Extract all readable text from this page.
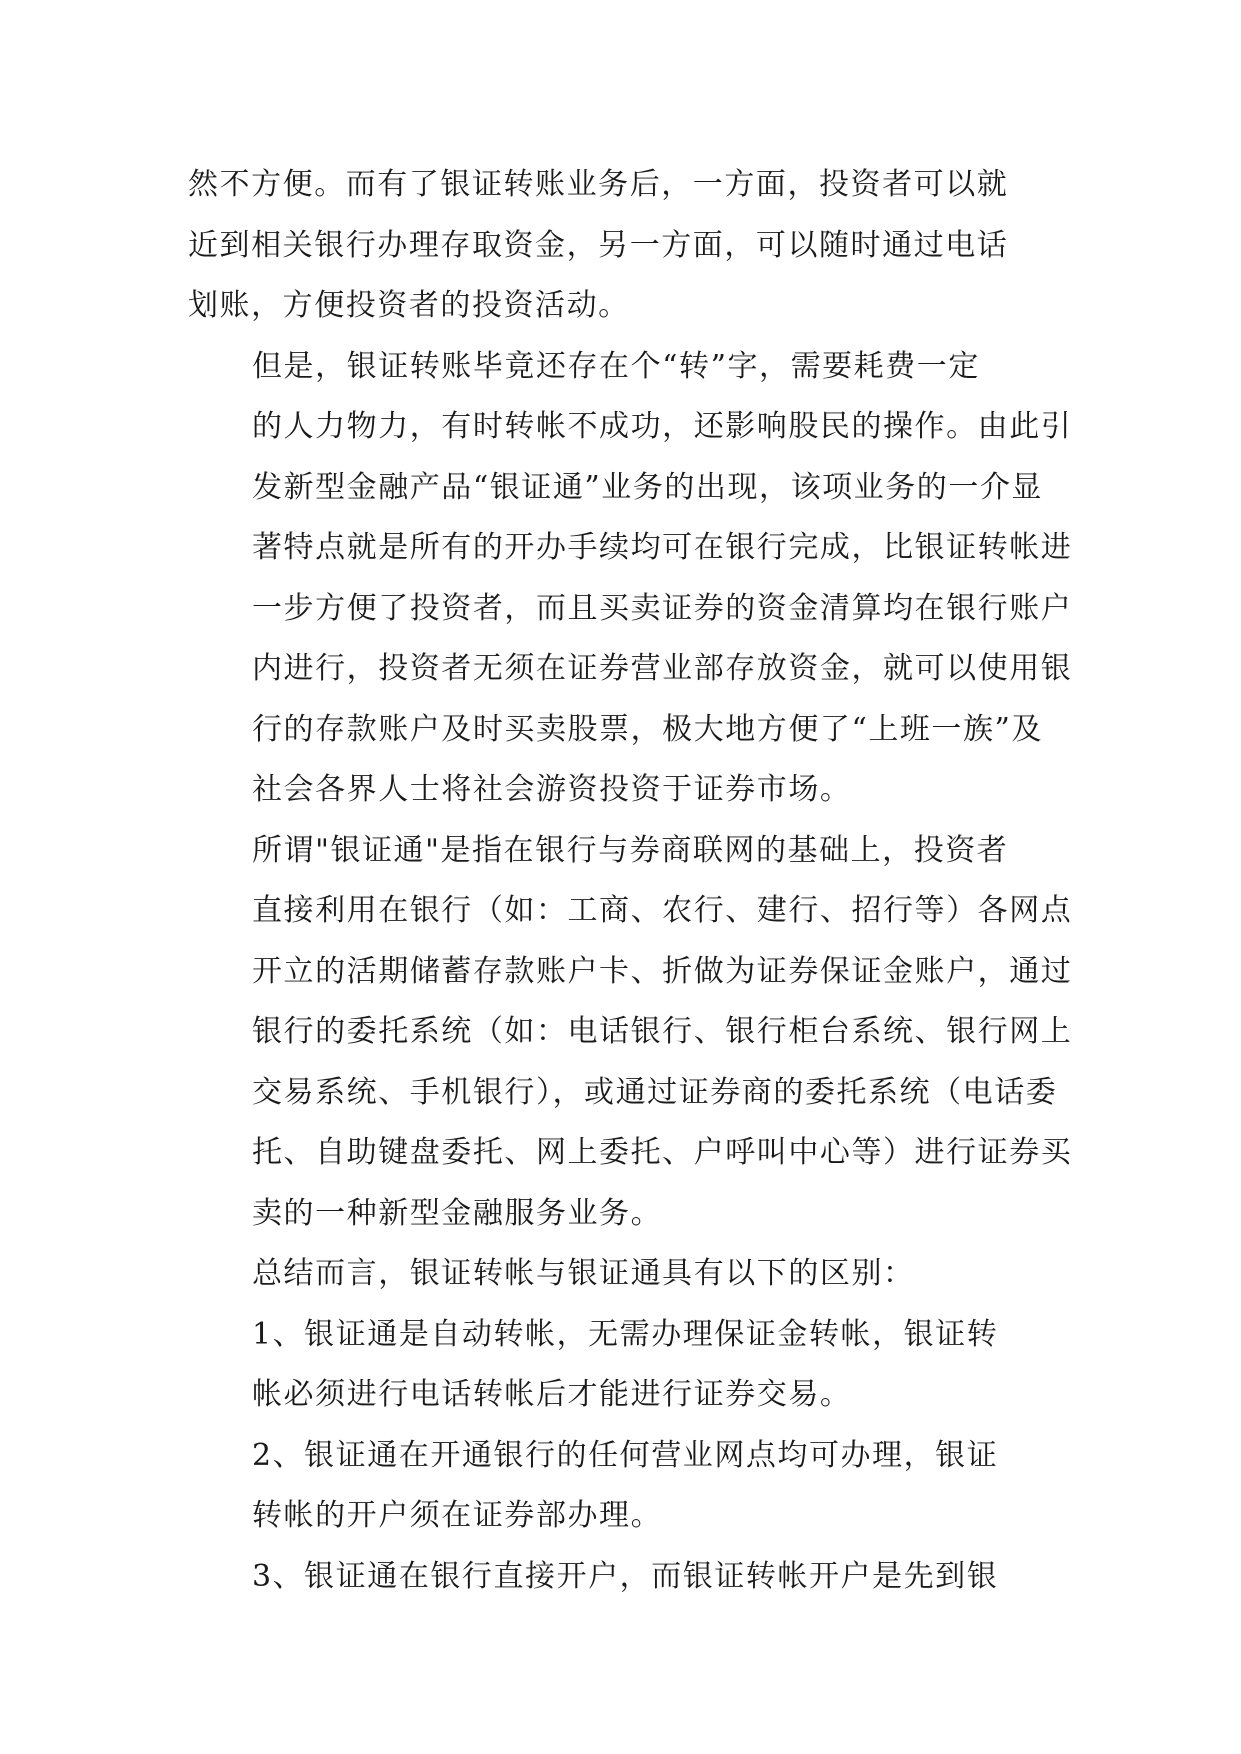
然不方便。而有了银证转账业务后，一方面，投资者可以就
近到相关银行办理存取资金，另一方面，可以随时通过电话
划账，方便投资者的投资活动。

但是，银证转账毕竟还存在个“转”字，需要耗费一定
的人力物力，有时转帐不成功，还影响股民的操作。由此引
发新型金融产品“银证通”业务的出现，该项业务的一介显
著特点就是所有的开办手续均可在银行完成，比银证转帐进
一步方便了投资者，而且买卖证券的资金清算均在银行账户
内进行，投资者无须在证券营业部存放资金，就可以使用银
行的存款账户及时买卖股票，极大地方便了“上班一族”及
社会各界人士将社会游资投资于证券市场。

所谓"银证通"是指在银行与券商联网的基础上，投资者
直接利用在银行（如：工商、农行、建行、招行等）各网点
开立的活期储蓄存款账户卡、折做为证券保证金账户，通过
银行的委托系统（如：电话银行、银行柜台系统、银行网上
交易系统、手机银行），或通过证券商的委托系统（电话委
托、自助键盘委托、网上委托、户呼叫中心等）进行证券买
卖的一种新型金融服务业务。

总结而言，银证转帐与银证通具有以下的区别：

1、银证通是自动转帐，无需办理保证金转帐，银证转
帐必须进行电话转帐后才能进行证券交易。

2、银证通在开通银行的任何营业网点均可办理，银证
转帐的开户须在证券部办理。

3、银证通在银行直接开户，而银证转帐开户是先到银
